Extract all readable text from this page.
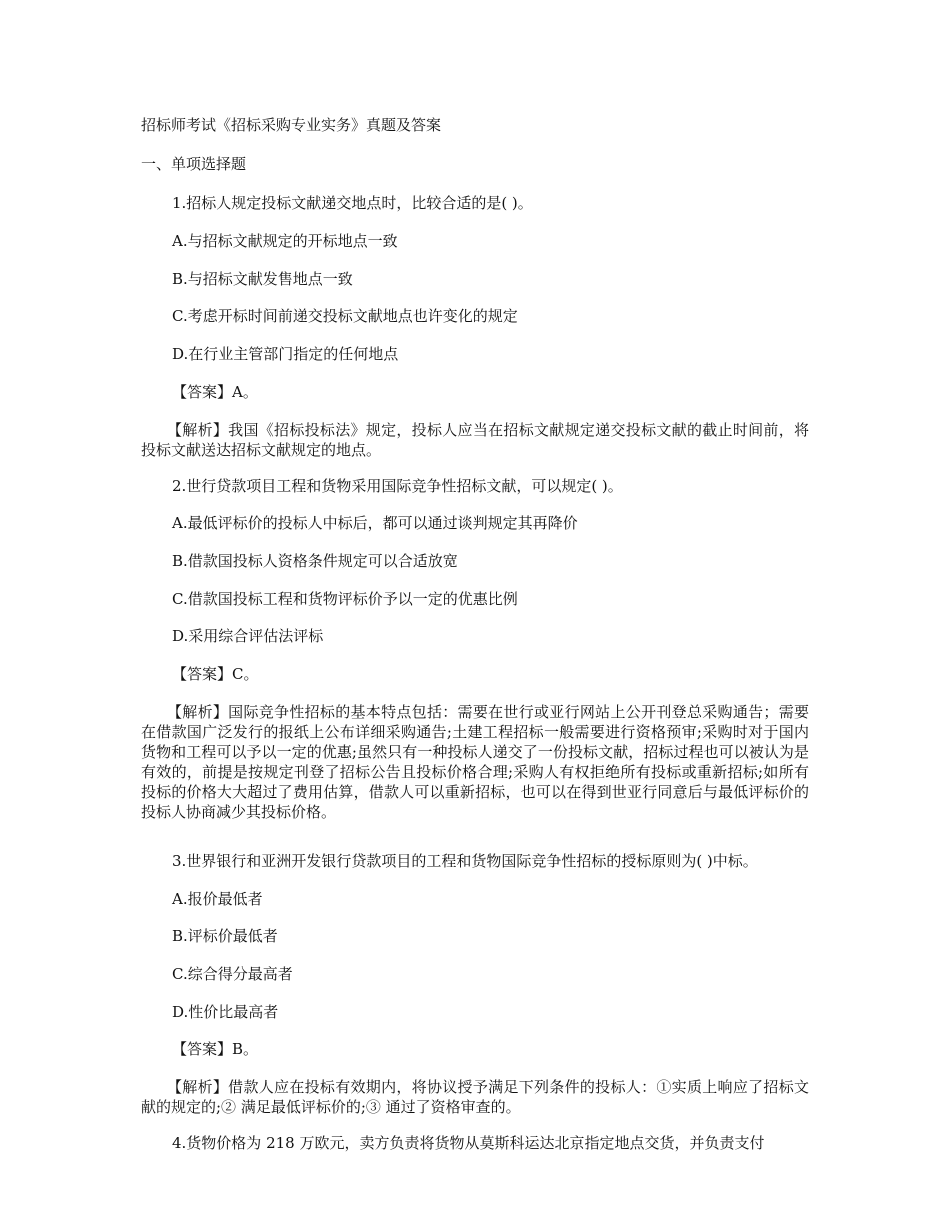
招标师考试《招标采购专业实务》真题及答案
一、单项选择题
1.招标人规定投标文献递交地点时，比较合适的是( )。
A.与招标文献规定的开标地点一致
B.与招标文献发售地点一致
C.考虑开标时间前递交投标文献地点也许变化的规定
D.在行业主管部门指定的任何地点
【答案】A。
【解析】我国《招标投标法》规定，投标人应当在招标文献规定递交投标文献的截止时间前，将投标文献送达招标文献规定的地点。
2.世行贷款项目工程和货物采用国际竞争性招标文献，可以规定( )。
A.最低评标价的投标人中标后，都可以通过谈判规定其再降价
B.借款国投标人资格条件规定可以合适放宽
C.借款国投标工程和货物评标价予以一定的优惠比例
D.采用综合评估法评标
【答案】C。
【解析】国际竞争性招标的基本特点包括：需要在世行或亚行网站上公开刊登总采购通告；需要在借款国广泛发行的报纸上公布详细采购通告;土建工程招标一般需要进行资格预审;采购时对于国内货物和工程可以予以一定的优惠;虽然只有一种投标人递交了一份投标文献，招标过程也可以被认为是有效的，前提是按规定刊登了招标公告且投标价格合理;采购人有权拒绝所有投标或重新招标;如所有投标的价格大大超过了费用估算，借款人可以重新招标，也可以在得到世亚行同意后与最低评标价的投标人协商减少其投标价格。
3.世界银行和亚洲开发银行贷款项目的工程和货物国际竞争性招标的授标原则为( )中标。
A.报价最低者
B.评标价最低者
C.综合得分最高者
D.性价比最高者
【答案】B。
【解析】借款人应在投标有效期内，将协议授予满足下列条件的投标人：①实质上响应了招标文献的规定的;② 满足最低评标价的;③ 通过了资格审查的。
4.货物价格为 218 万欧元，卖方负责将货物从莫斯科运达北京指定地点交货，并负责支付
